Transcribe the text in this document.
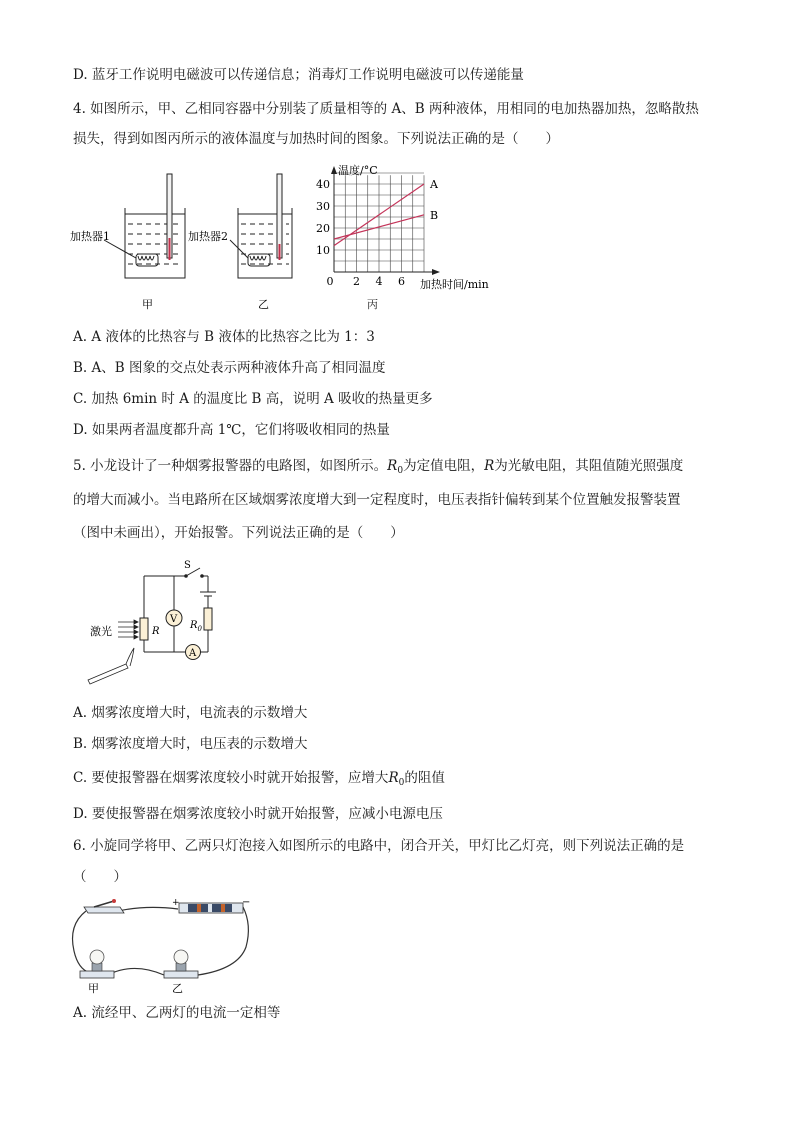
D. 蓝牙工作说明电磁波可以传递信息；消毒灯工作说明电磁波可以传递能量
4. 如图所示，甲、乙相同容器中分别装了质量相等的 A、B 两种液体，用相同的电加热器加热，忽略散热
损失，得到如图丙所示的液体温度与加热时间的图象。下列说法正确的是（　　）
加热器1	加热器2
甲	乙
0 2 4 6
10
20
30
40	A
B
温度/°C
加热时间/min
丙
A. A 液体的比热容与 B 液体的比热容之比为 1：3
B. A、B 图象的交点处表示两种液体升高了相同温度
C. 加热 6min 时 A 的温度比 B 高，说明 A 吸收的热量更多
D. 如果两者温度都升高 1℃，它们将吸收相同的热量
5. 小龙设计了一种烟雾报警器的电路图，如图所示。$R_0$为定值电阻，R为光敏电阻，其阻值随光照强度
的增大而减小。当电路所在区域烟雾浓度增大到一定程度时，电压表指针偏转到某个位置触发报警装置
（图中未画出），开始报警。下列说法正确的是（　　）
V
A
S
R
$R_0$
激光
A. 烟雾浓度增大时，电流表的示数增大
B. 烟雾浓度增大时，电压表的示数增大
C. 要使报警器在烟雾浓度较小时就开始报警，应增大$R_0$的阻值
D. 要使报警器在烟雾浓度较小时就开始报警，应减小电源电压
6. 小旋同学将甲、乙两只灯泡接入如图所示的电路中，闭合开关，甲灯比乙灯亮，则下列说法正确的是
（　　）
+	−
甲	乙
A. 流经甲、乙两灯的电流一定相等
